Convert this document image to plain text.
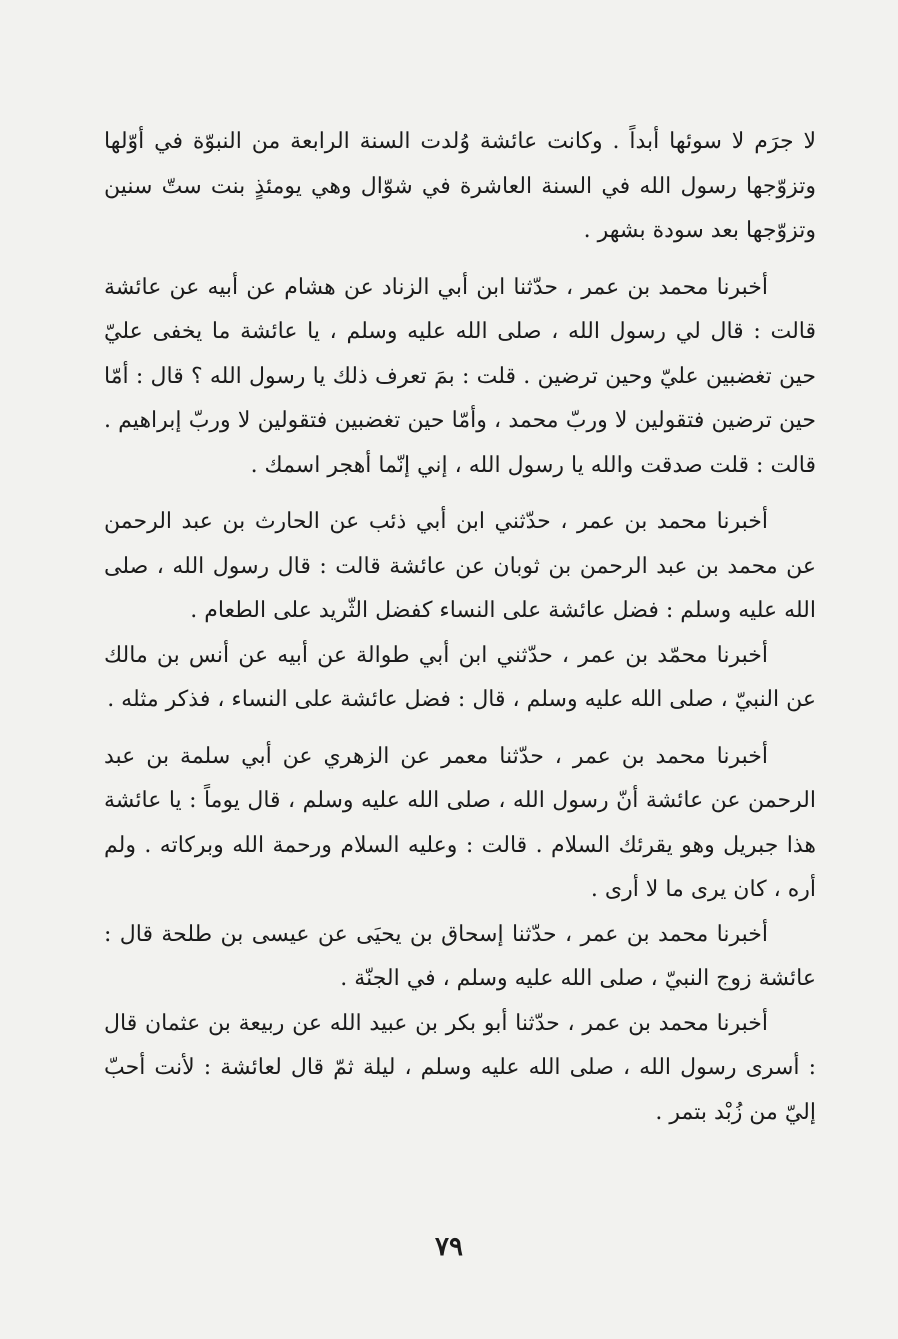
لا جرَم لا سوئها أبداً . وكانت عائشة وُلدت السنة الرابعة من النبوّة في أوّلها وتزوّجها رسول الله في السنة العاشرة في شوّال وهي يومئذٍ بنت ستّ سنين وتزوّجها بعد سودة بشهر .

أخبرنا محمد بن عمر ، حدّثنا ابن أبي الزناد عن هشام عن أبيه عن عائشة قالت : قال لي رسول الله ، صلى الله عليه وسلم ، يا عائشة ما يخفى عليّ حين تغضبين عليّ وحين ترضين . قلت : بمَ تعرف ذلك يا رسول الله ؟ قال : أمّا حين ترضين فتقولين لا وربّ محمد ، وأمّا حين تغضبين فتقولين لا وربّ إبراهيم . قالت : قلت صدقت والله يا رسول الله ، إني إنّما أهجر اسمك .

أخبرنا محمد بن عمر ، حدّثني ابن أبي ذئب عن الحارث بن عبد الرحمن عن محمد بن عبد الرحمن بن ثوبان عن عائشة قالت : قال رسول الله ، صلى الله عليه وسلم : فضل عائشة على النساء كفضل الثّريد على الطعام .

أخبرنا محمّد بن عمر ، حدّثني ابن أبي طوالة عن أبيه عن أنس بن مالك عن النبيّ ، صلى الله عليه وسلم ، قال : فضل عائشة على النساء ، فذكر مثله .

أخبرنا محمد بن عمر ، حدّثنا معمر عن الزهري عن أبي سلمة بن عبد الرحمن عن عائشة أنّ رسول الله ، صلى الله عليه وسلم ، قال يوماً : يا عائشة هذا جبريل وهو يقرئك السلام . قالت : وعليه السلام ورحمة الله وبركاته . ولم أره ، كان يرى ما لا أرى .

أخبرنا محمد بن عمر ، حدّثنا إسحاق بن يحيَى عن عيسى بن طلحة قال : عائشة زوج النبيّ ، صلى الله عليه وسلم ، في الجنّة .

أخبرنا محمد بن عمر ، حدّثنا أبو بكر بن عبيد الله عن ربيعة بن عثمان قال : أسرى رسول الله ، صلى الله عليه وسلم ، ليلة ثمّ قال لعائشة : لأنت أحبّ إليّ من زُبْد بتمر .

٧٩
